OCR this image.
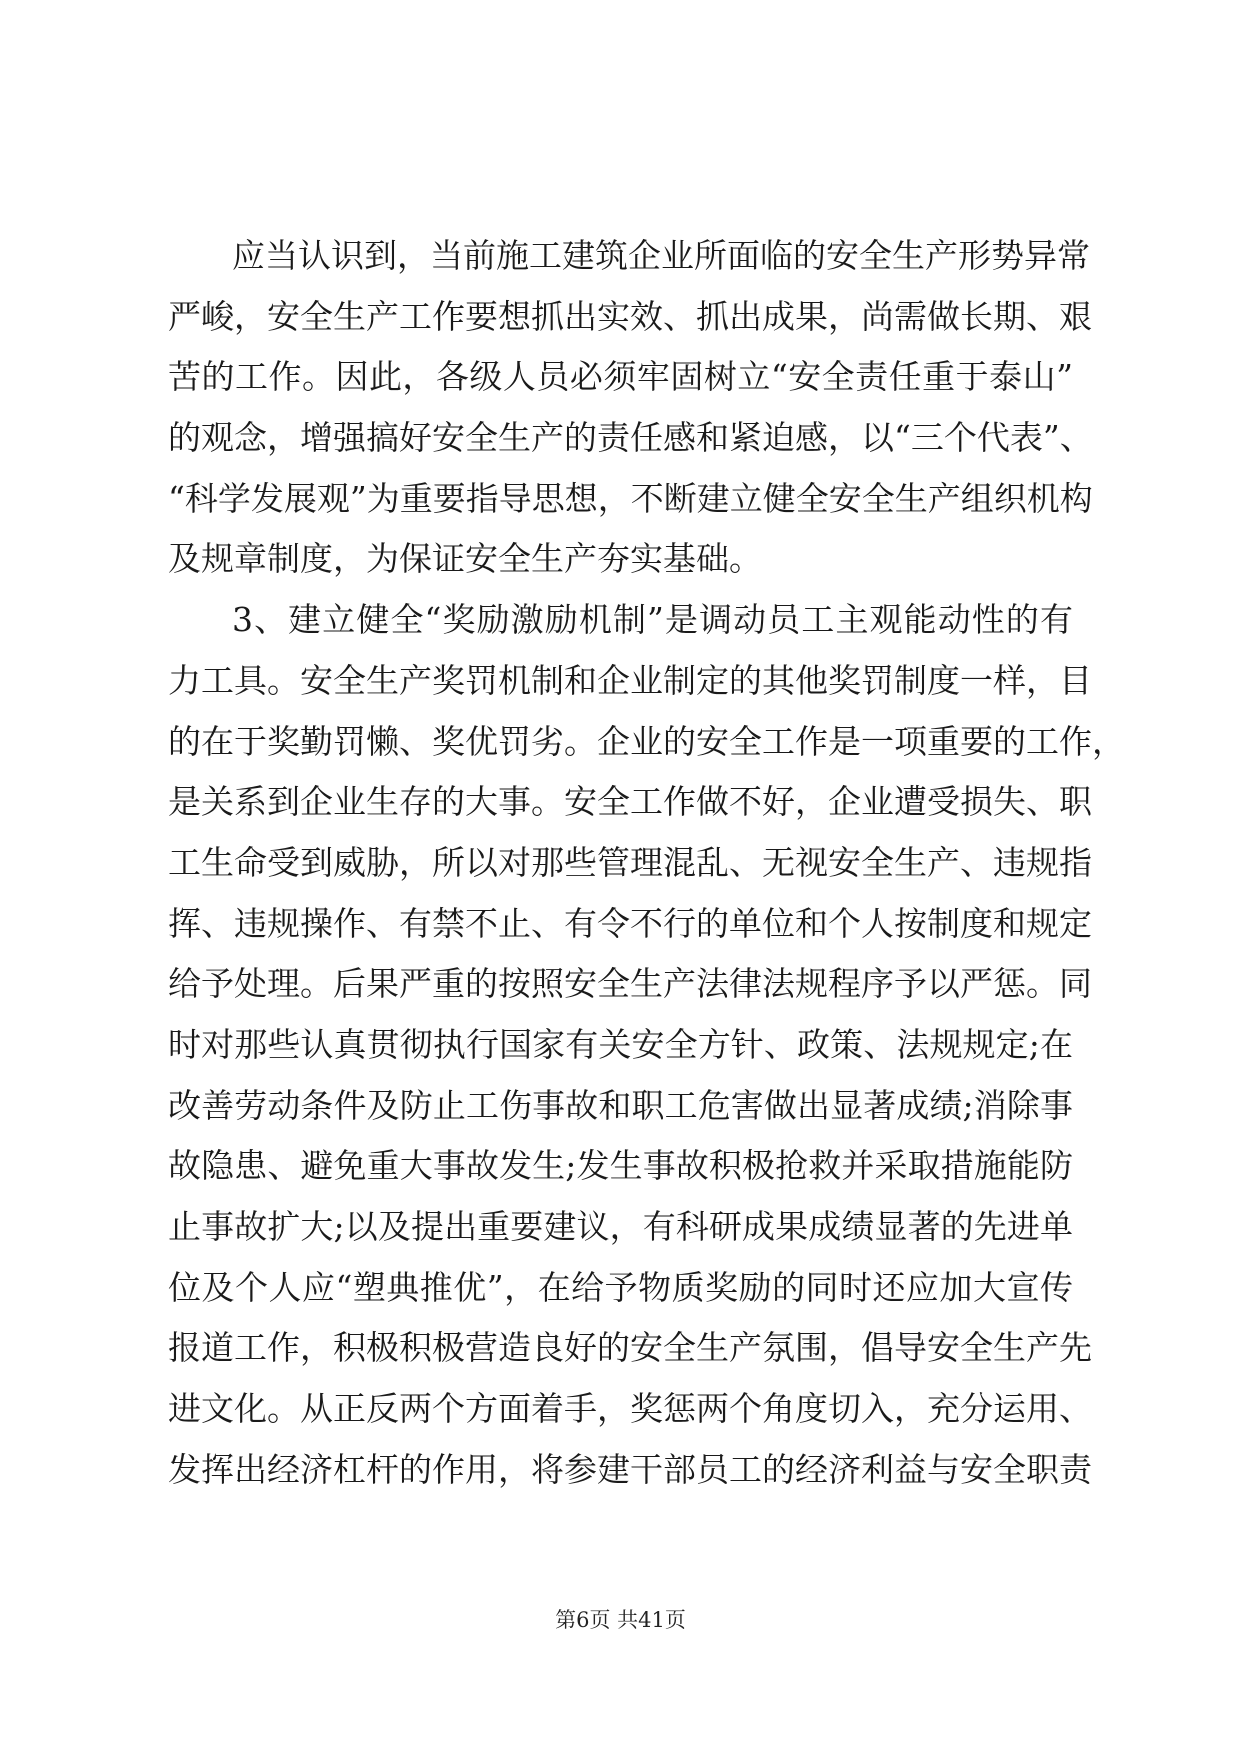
应当认识到，当前施工建筑企业所面临的安全生产形势异常
严峻，安全生产工作要想抓出实效、抓出成果，尚需做长期、艰
苦的工作。因此，各级人员必须牢固树立“安全责任重于泰山”
的观念，增强搞好安全生产的责任感和紧迫感，以“三个代表”、
“科学发展观”为重要指导思想，不断建立健全安全生产组织机构
及规章制度，为保证安全生产夯实基础。
3、建立健全“奖励激励机制”是调动员工主观能动性的有
力工具。安全生产奖罚机制和企业制定的其他奖罚制度一样，目
的在于奖勤罚懒、奖优罚劣。企业的安全工作是一项重要的工作，
是关系到企业生存的大事。安全工作做不好，企业遭受损失、职
工生命受到威胁，所以对那些管理混乱、无视安全生产、违规指
挥、违规操作、有禁不止、有令不行的单位和个人按制度和规定
给予处理。后果严重的按照安全生产法律法规程序予以严惩。同
时对那些认真贯彻执行国家有关安全方针、政策、法规规定;在
改善劳动条件及防止工伤事故和职工危害做出显著成绩;消除事
故隐患、避免重大事故发生;发生事故积极抢救并采取措施能防
止事故扩大;以及提出重要建议，有科研成果成绩显著的先进单
位及个人应“塑典推优”，在给予物质奖励的同时还应加大宣传
报道工作，积极积极营造良好的安全生产氛围，倡导安全生产先
进文化。从正反两个方面着手，奖惩两个角度切入，充分运用、
发挥出经济杠杆的作用，将参建干部员工的经济利益与安全职责
第6页 共41页
